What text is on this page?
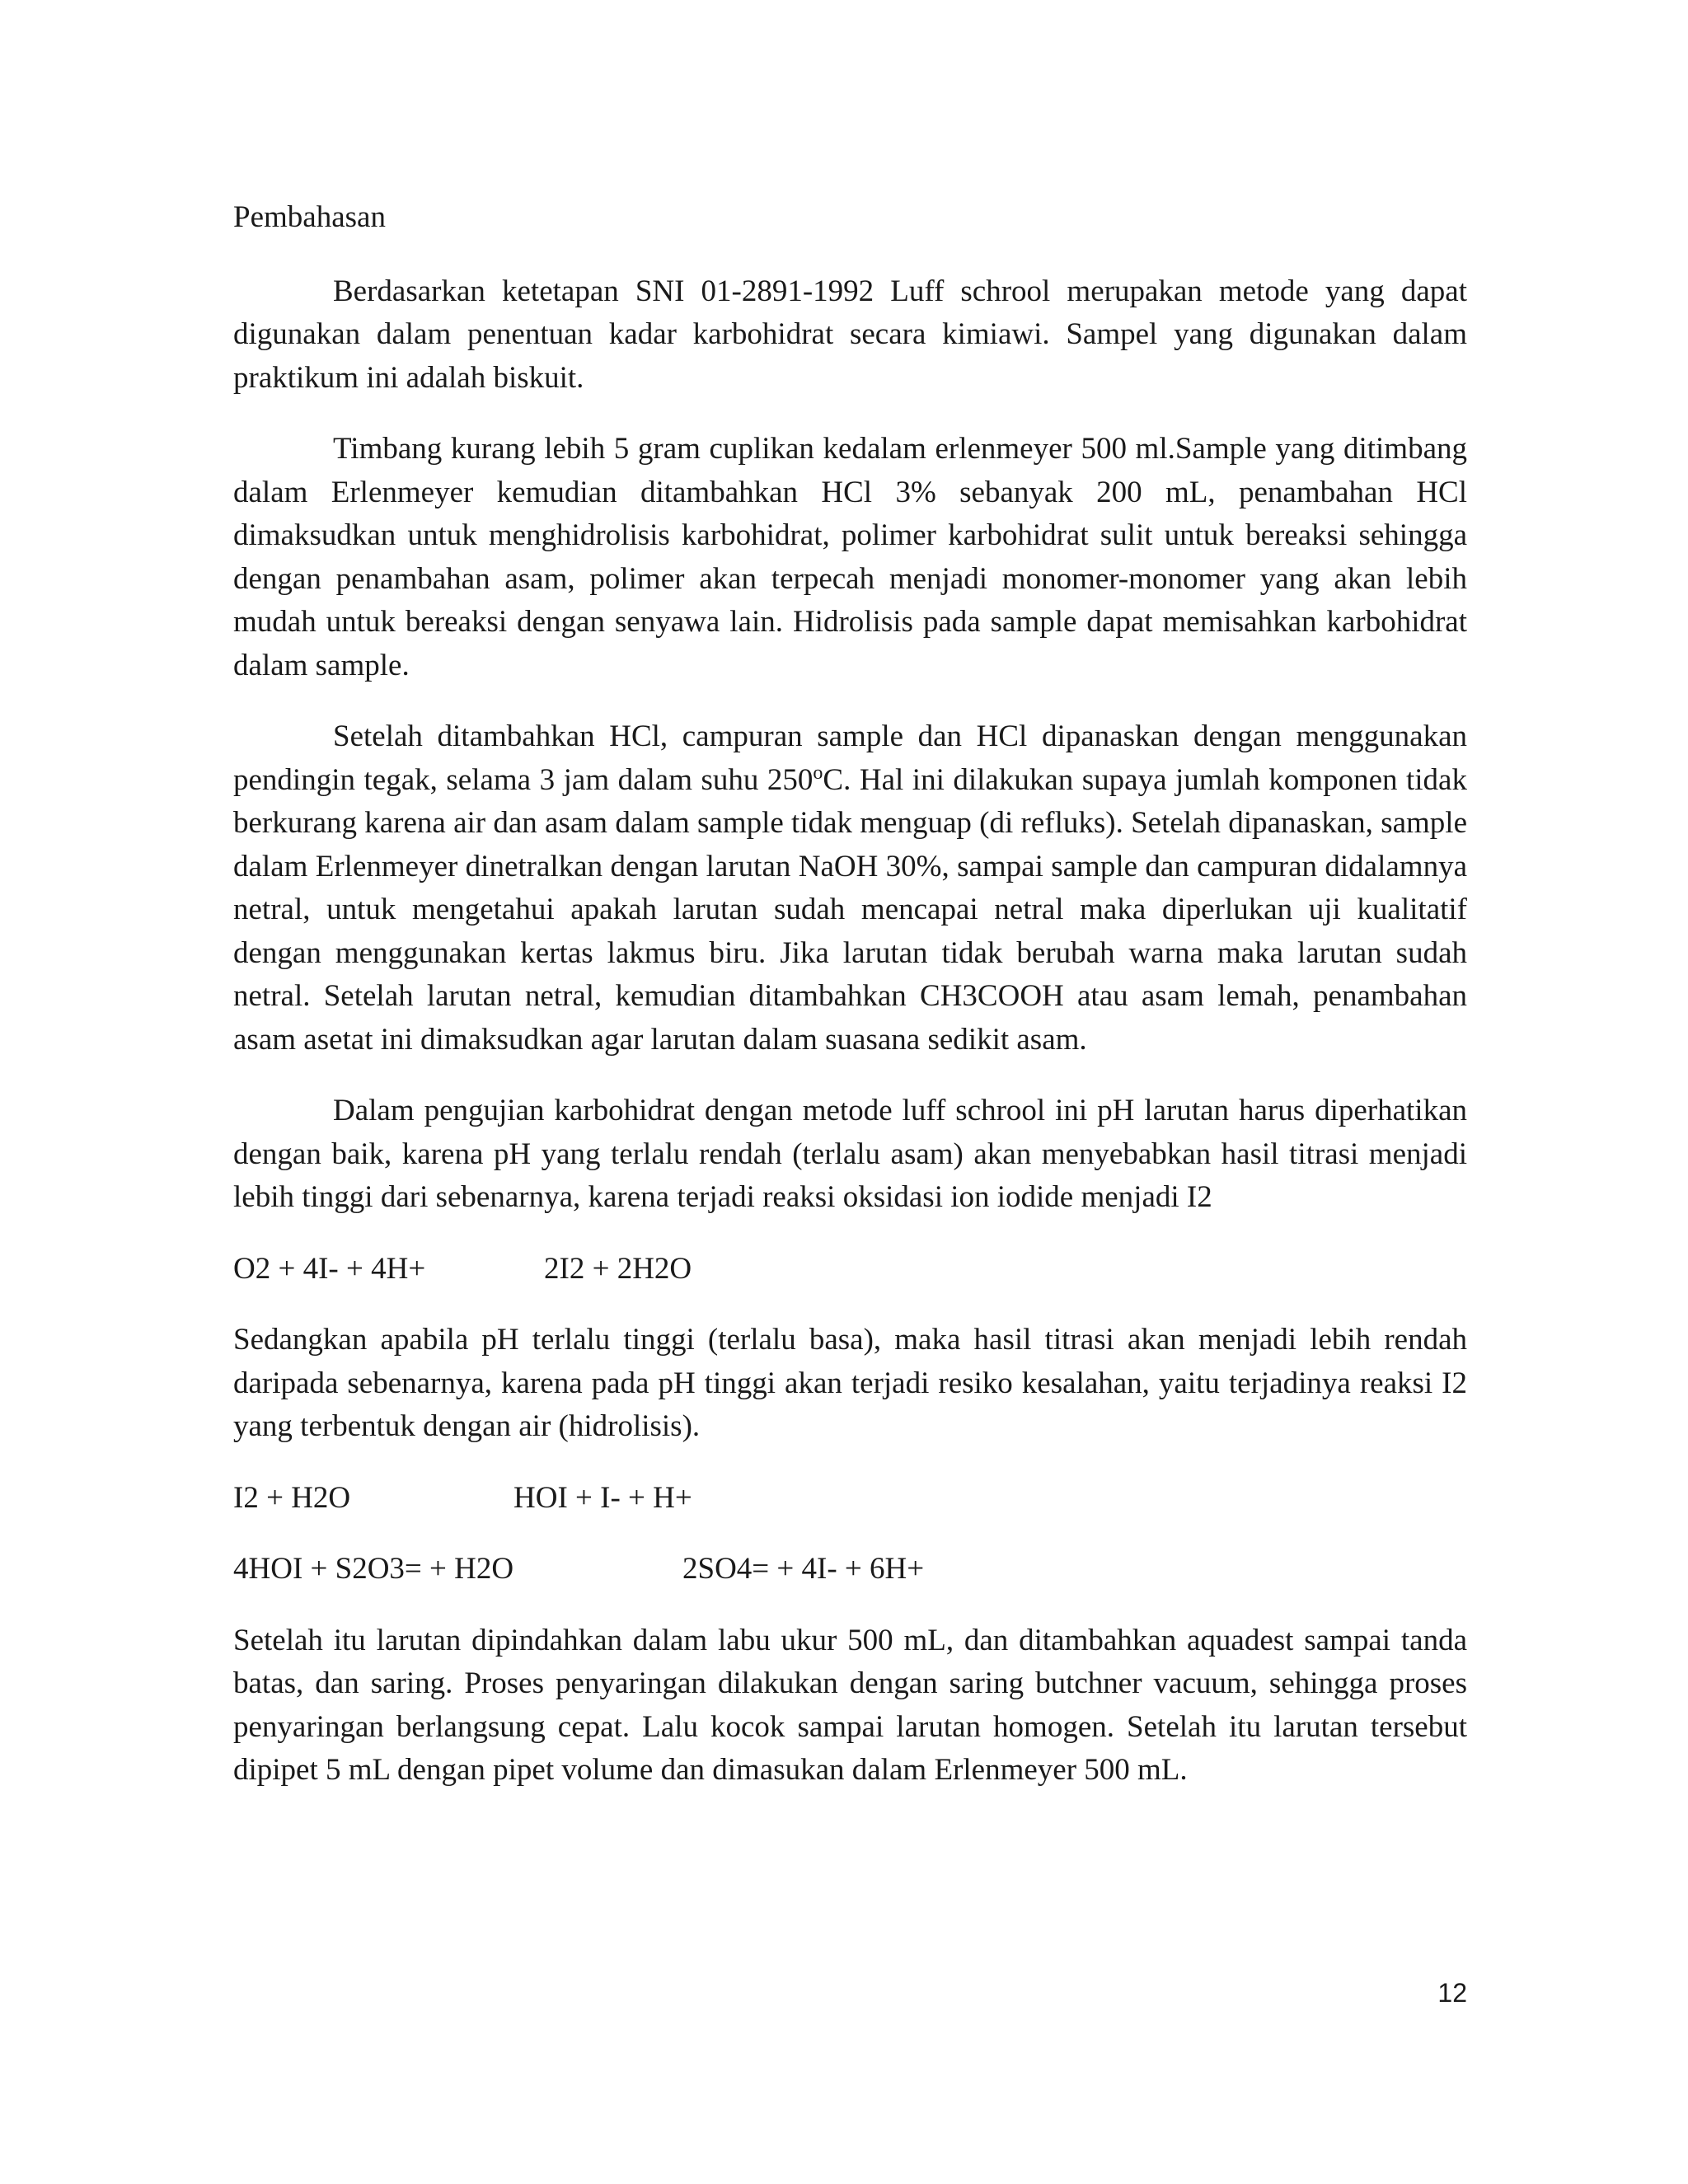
Pembahasan

Berdasarkan ketetapan SNI 01-2891-1992 Luff schrool merupakan metode yang dapat digunakan dalam penentuan kadar karbohidrat secara kimiawi. Sampel yang digunakan dalam praktikum ini adalah biskuit.

Timbang kurang lebih 5 gram cuplikan kedalam erlenmeyer 500 ml.Sample yang ditimbang dalam Erlenmeyer kemudian ditambahkan HCl 3% sebanyak 200 mL, penambahan HCl dimaksudkan untuk menghidrolisis karbohidrat, polimer karbohidrat sulit untuk bereaksi sehingga dengan penambahan asam, polimer akan terpecah menjadi monomer-monomer yang akan lebih mudah untuk bereaksi dengan senyawa lain. Hidrolisis pada sample dapat memisahkan karbohidrat dalam sample.

Setelah ditambahkan HCl, campuran sample dan HCl dipanaskan dengan menggunakan pendingin tegak, selama 3 jam dalam suhu 250$^o$C. Hal ini dilakukan supaya jumlah komponen tidak berkurang karena air dan asam dalam sample tidak menguap (di refluks). Setelah dipanaskan, sample dalam Erlenmeyer dinetralkan dengan larutan NaOH 30%, sampai sample dan campuran didalamnya netral, untuk mengetahui apakah larutan sudah mencapai netral maka diperlukan uji kualitatif dengan menggunakan kertas lakmus biru. Jika larutan tidak berubah warna maka larutan sudah netral. Setelah larutan netral, kemudian ditambahkan CH3COOH atau asam lemah, penambahan asam asetat ini dimaksudkan agar larutan dalam suasana sedikit asam.

Dalam pengujian karbohidrat dengan metode luff schrool ini pH larutan harus diperhatikan dengan baik, karena pH yang terlalu rendah (terlalu asam) akan menyebabkan hasil titrasi menjadi lebih tinggi dari sebenarnya, karena terjadi reaksi oksidasi ion iodide menjadi I2

O2 + 4I- + 4H+	2I2 + 2H2O

Sedangkan apabila pH terlalu tinggi (terlalu basa), maka hasil titrasi akan menjadi lebih rendah daripada sebenarnya, karena pada pH tinggi akan terjadi resiko kesalahan, yaitu terjadinya reaksi I2 yang terbentuk dengan air (hidrolisis).

I2 + H2O	HOI + I- + H+
4HOI + S2O3= + H2O	2SO4= + 4I- + 6H+

Setelah itu larutan dipindahkan dalam labu ukur 500 mL, dan ditambahkan aquadest sampai tanda batas, dan saring. Proses penyaringan dilakukan dengan saring butchner vacuum, sehingga proses penyaringan berlangsung cepat. Lalu kocok sampai larutan homogen. Setelah itu larutan tersebut dipipet 5 mL dengan pipet volume dan dimasukan dalam Erlenmeyer 500 mL.

12
